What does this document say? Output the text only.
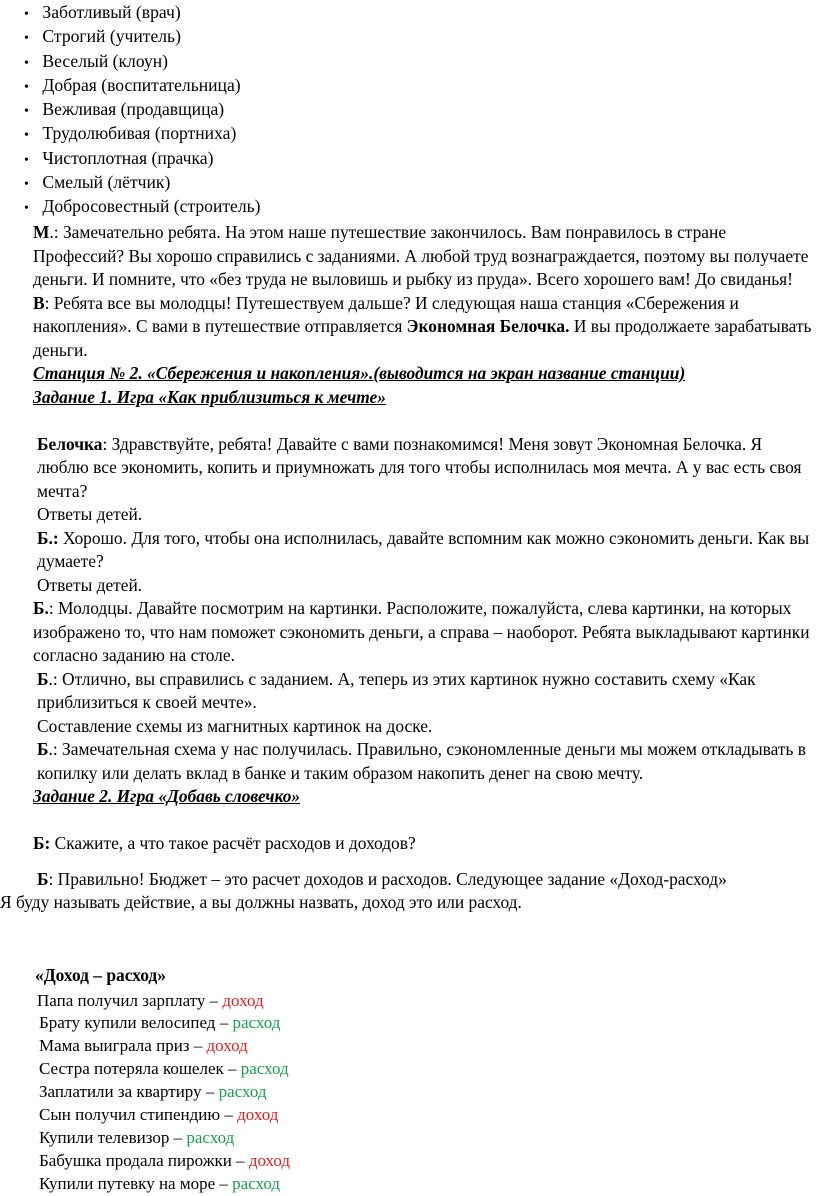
• Заботливый (врач)
• Строгий (учитель)
• Веселый (клоун)
• Добрая (воспитательница)
• Вежливая (продавщица)
• Трудолюбивая (портниха)
• Чистоплотная (прачка)
• Смелый (лётчик)
• Добросовестный (строитель)

М.: Замечательно ребята. На этом наше путешествие закончилось. Вам понравилось в стране Профессий? Вы хорошо справились с заданиями. А любой труд вознаграждается, поэтому вы получаете деньги. И помните, что «без труда не выловишь и рыбку из пруда». Всего хорошего вам! До свиданья!

В: Ребята все вы молодцы! Путешествуем дальше? И следующая наша станция «Сбережения и накопления». С вами в путешествие отправляется Экономная Белочка. И вы продолжаете зарабатывать деньги.

Станция № 2. «Сбережения и накопления».(выводится на экран название станции)

Задание 1. Игра «Как приблизиться к мечте»

Белочка: Здравствуйте, ребята! Давайте с вами познакомимся! Меня зовут Экономная Белочка. Я люблю все экономить, копить и приумножать для того чтобы исполнилась моя мечта. А у вас есть своя мечта?

Ответы детей.

Б.: Хорошо. Для того, чтобы она исполнилась, давайте вспомним как можно сэкономить деньги. Как вы думаете?

Ответы детей.

Б.: Молодцы. Давайте посмотрим на картинки. Расположите, пожалуйста, слева картинки, на которых изображено то, что нам поможет сэкономить деньги, а справа – наоборот. Ребята выкладывают картинки согласно заданию на столе.

Б.: Отлично, вы справились с заданием. А, теперь из этих картинок нужно составить схему «Как приблизиться к своей мечте».

Составление схемы из магнитных картинок на доске.

Б.: Замечательная схема у нас получилась. Правильно, сэкономленные деньги мы можем откладывать в копилку или делать вклад в банке и таким образом накопить денег на свою мечту.

Задание 2. Игра «Добавь словечко»

Б: Скажите, а что такое расчёт расходов и доходов?

Б: Правильно! Бюджет – это расчет доходов и расходов. Следующее задание «Доход-расход»

Я буду называть действие, а вы должны назвать, доход это или расход.

«Доход – расход»
Папа получил зарплату – доход
Брату купили велосипед – расход
Мама выиграла приз – доход
Сестра потеряла кошелек – расход
Заплатили за квартиру – расход
Сын получил стипендию – доход
Купили телевизор – расход
Бабушка продала пирожки – доход
Купили путевку на море – расход
